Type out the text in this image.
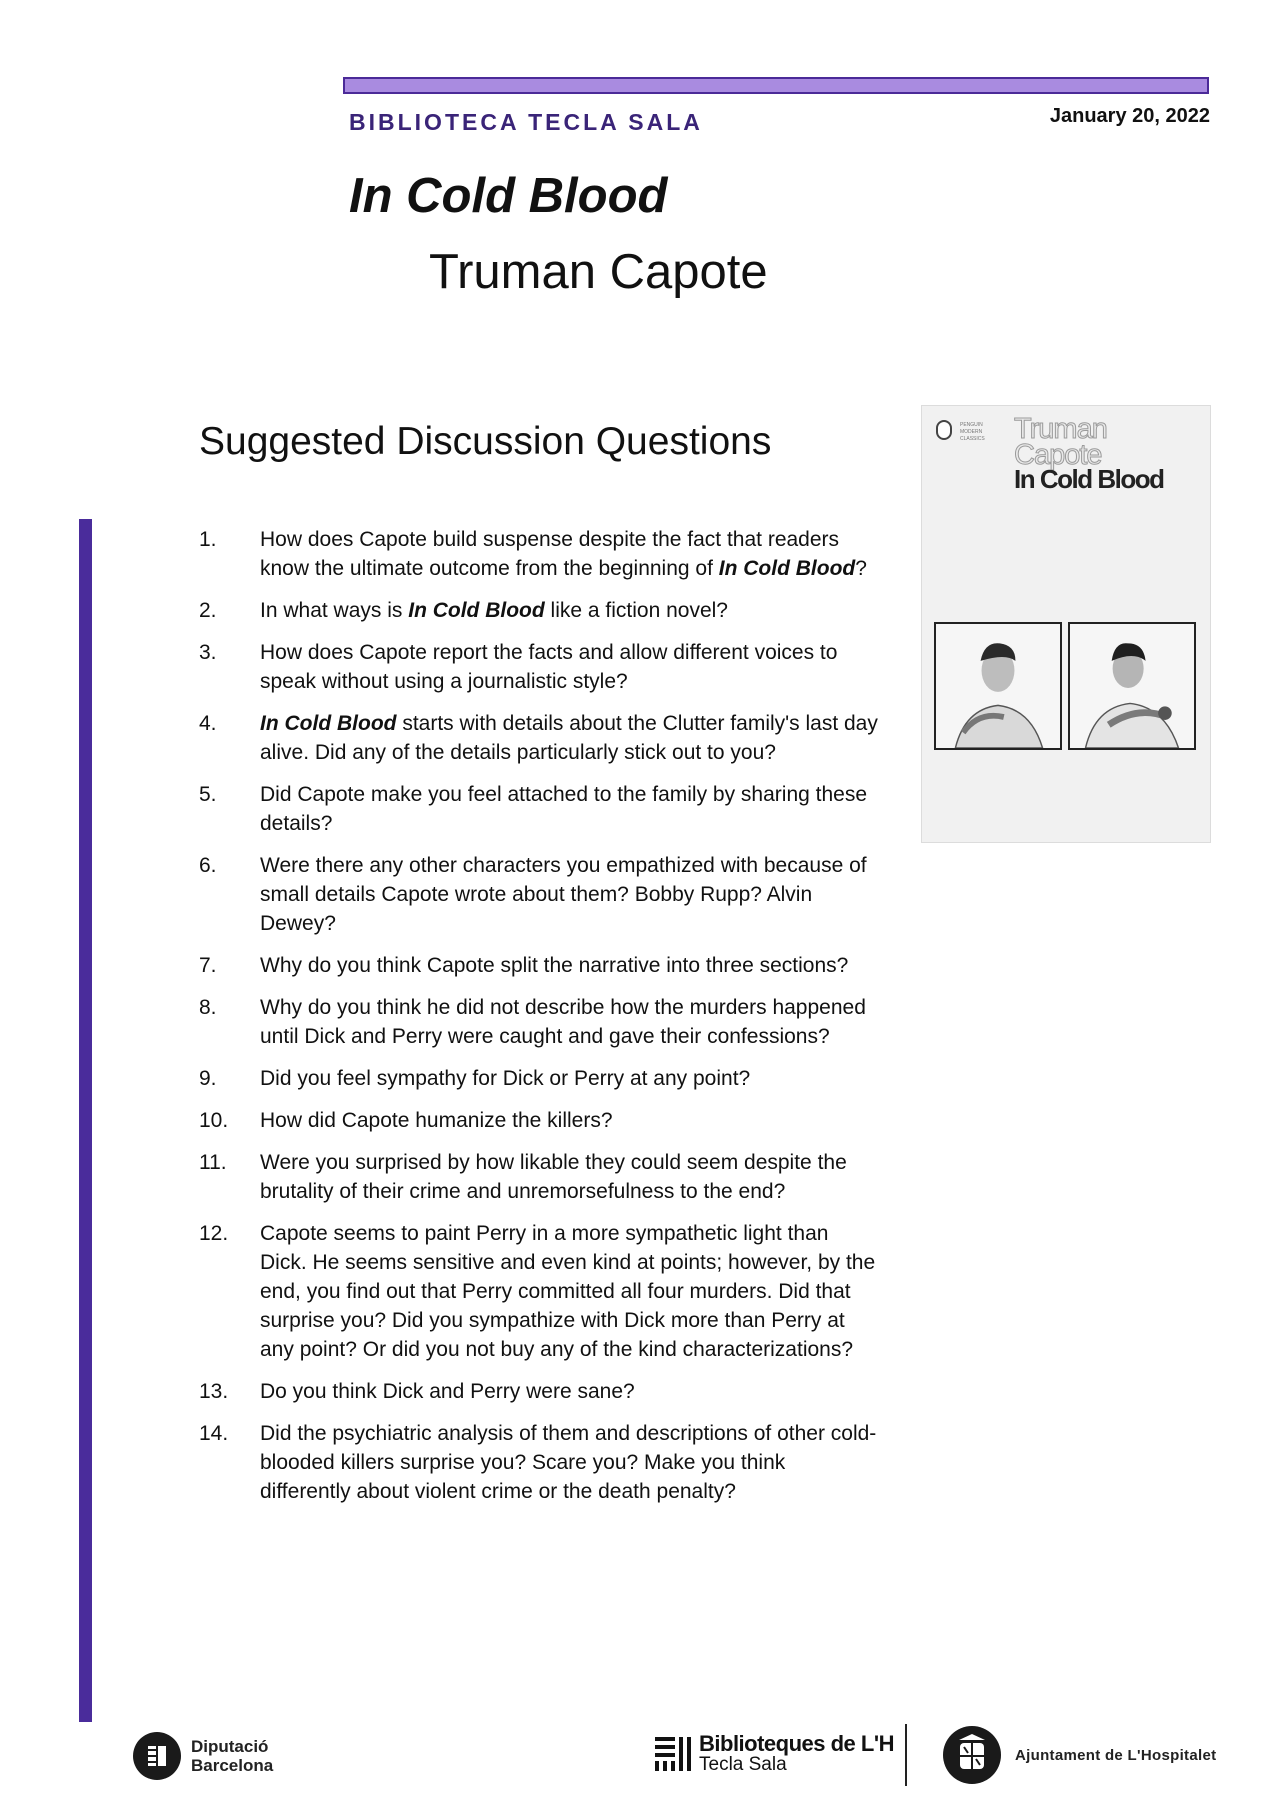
BIBLIOTECA TECLA SALA	January 20, 2022
In Cold Blood
Truman Capote
Suggested Discussion Questions
1.	How does Capote build suspense despite the fact that readers know the ultimate outcome from the beginning of In Cold Blood?
2.	In what ways is In Cold Blood like a fiction novel?
3.	How does Capote report the facts and allow different voices to speak without using a journalistic style?
4.	In Cold Blood starts with details about the Clutter family's last day alive. Did any of the details particularly stick out to you?
5.	Did Capote make you feel attached to the family by sharing these details?
6.	Were there any other characters you empathized with because of small details Capote wrote about them? Bobby Rupp? Alvin Dewey?
7.	Why do you think Capote split the narrative into three sections?
8.	Why do you think he did not describe how the murders happened until Dick and Perry were caught and gave their confessions?
9.	Did you feel sympathy for Dick or Perry at any point?
10.	How did Capote humanize the killers?
11.	Were you surprised by how likable they could seem despite the brutality of their crime and unremorsefulness to the end?
12.	Capote seems to paint Perry in a more sympathetic light than Dick. He seems sensitive and even kind at points; however, by the end, you find out that Perry committed all four murders. Did that surprise you? Did you sympathize with Dick more than Perry at any point? Or did you not buy any of the kind characterizations?
13.	Do you think Dick and Perry were sane?
14.	Did the psychiatric analysis of them and descriptions of other cold-blooded killers surprise you? Scare you? Make you think differently about violent crime or the death penalty?
PENGUIN MODERN CLASSICS	Truman
Capote
In Cold Blood
Diputació
Barcelona
Biblioteques de L'H
Tecla Sala	Ajuntament de L'Hospitalet
